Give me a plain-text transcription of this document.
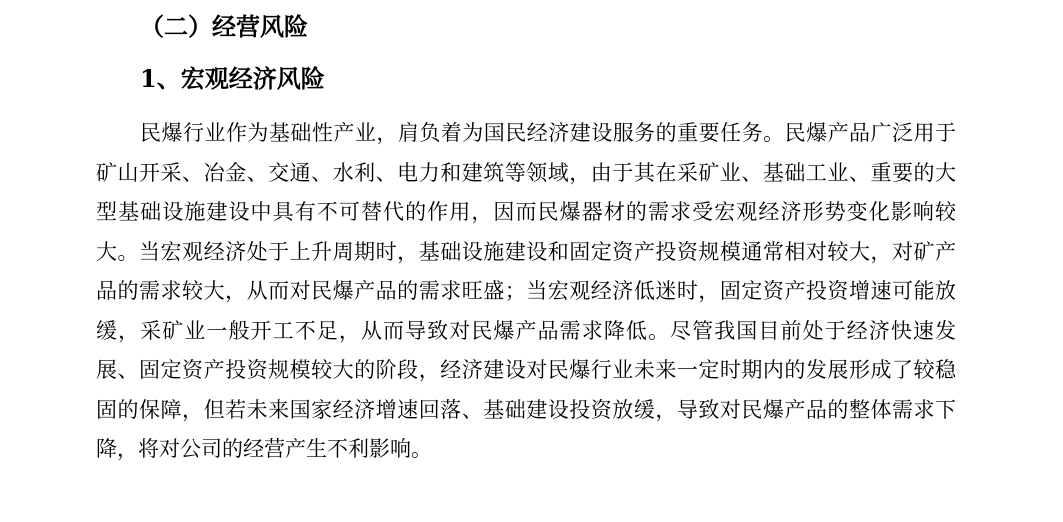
（二）经营风险
1、宏观经济风险

民爆行业作为基础性产业，肩负着为国民经济建设服务的重要任务。民爆产品广泛用于矿山开采、冶金、交通、水利、电力和建筑等领域，由于其在采矿业、基础工业、重要的大型基础设施建设中具有不可替代的作用，因而民爆器材的需求受宏观经济形势变化影响较大。当宏观经济处于上升周期时，基础设施建设和固定资产投资规模通常相对较大，对矿产品的需求较大，从而对民爆产品的需求旺盛；当宏观经济低迷时，固定资产投资增速可能放缓，采矿业一般开工不足，从而导致对民爆产品需求降低。尽管我国目前处于经济快速发展、固定资产投资规模较大的阶段，经济建设对民爆行业未来一定时期内的发展形成了较稳固的保障，但若未来国家经济增速回落、基础建设投资放缓，导致对民爆产品的整体需求下降，将对公司的经营产生不利影响。
